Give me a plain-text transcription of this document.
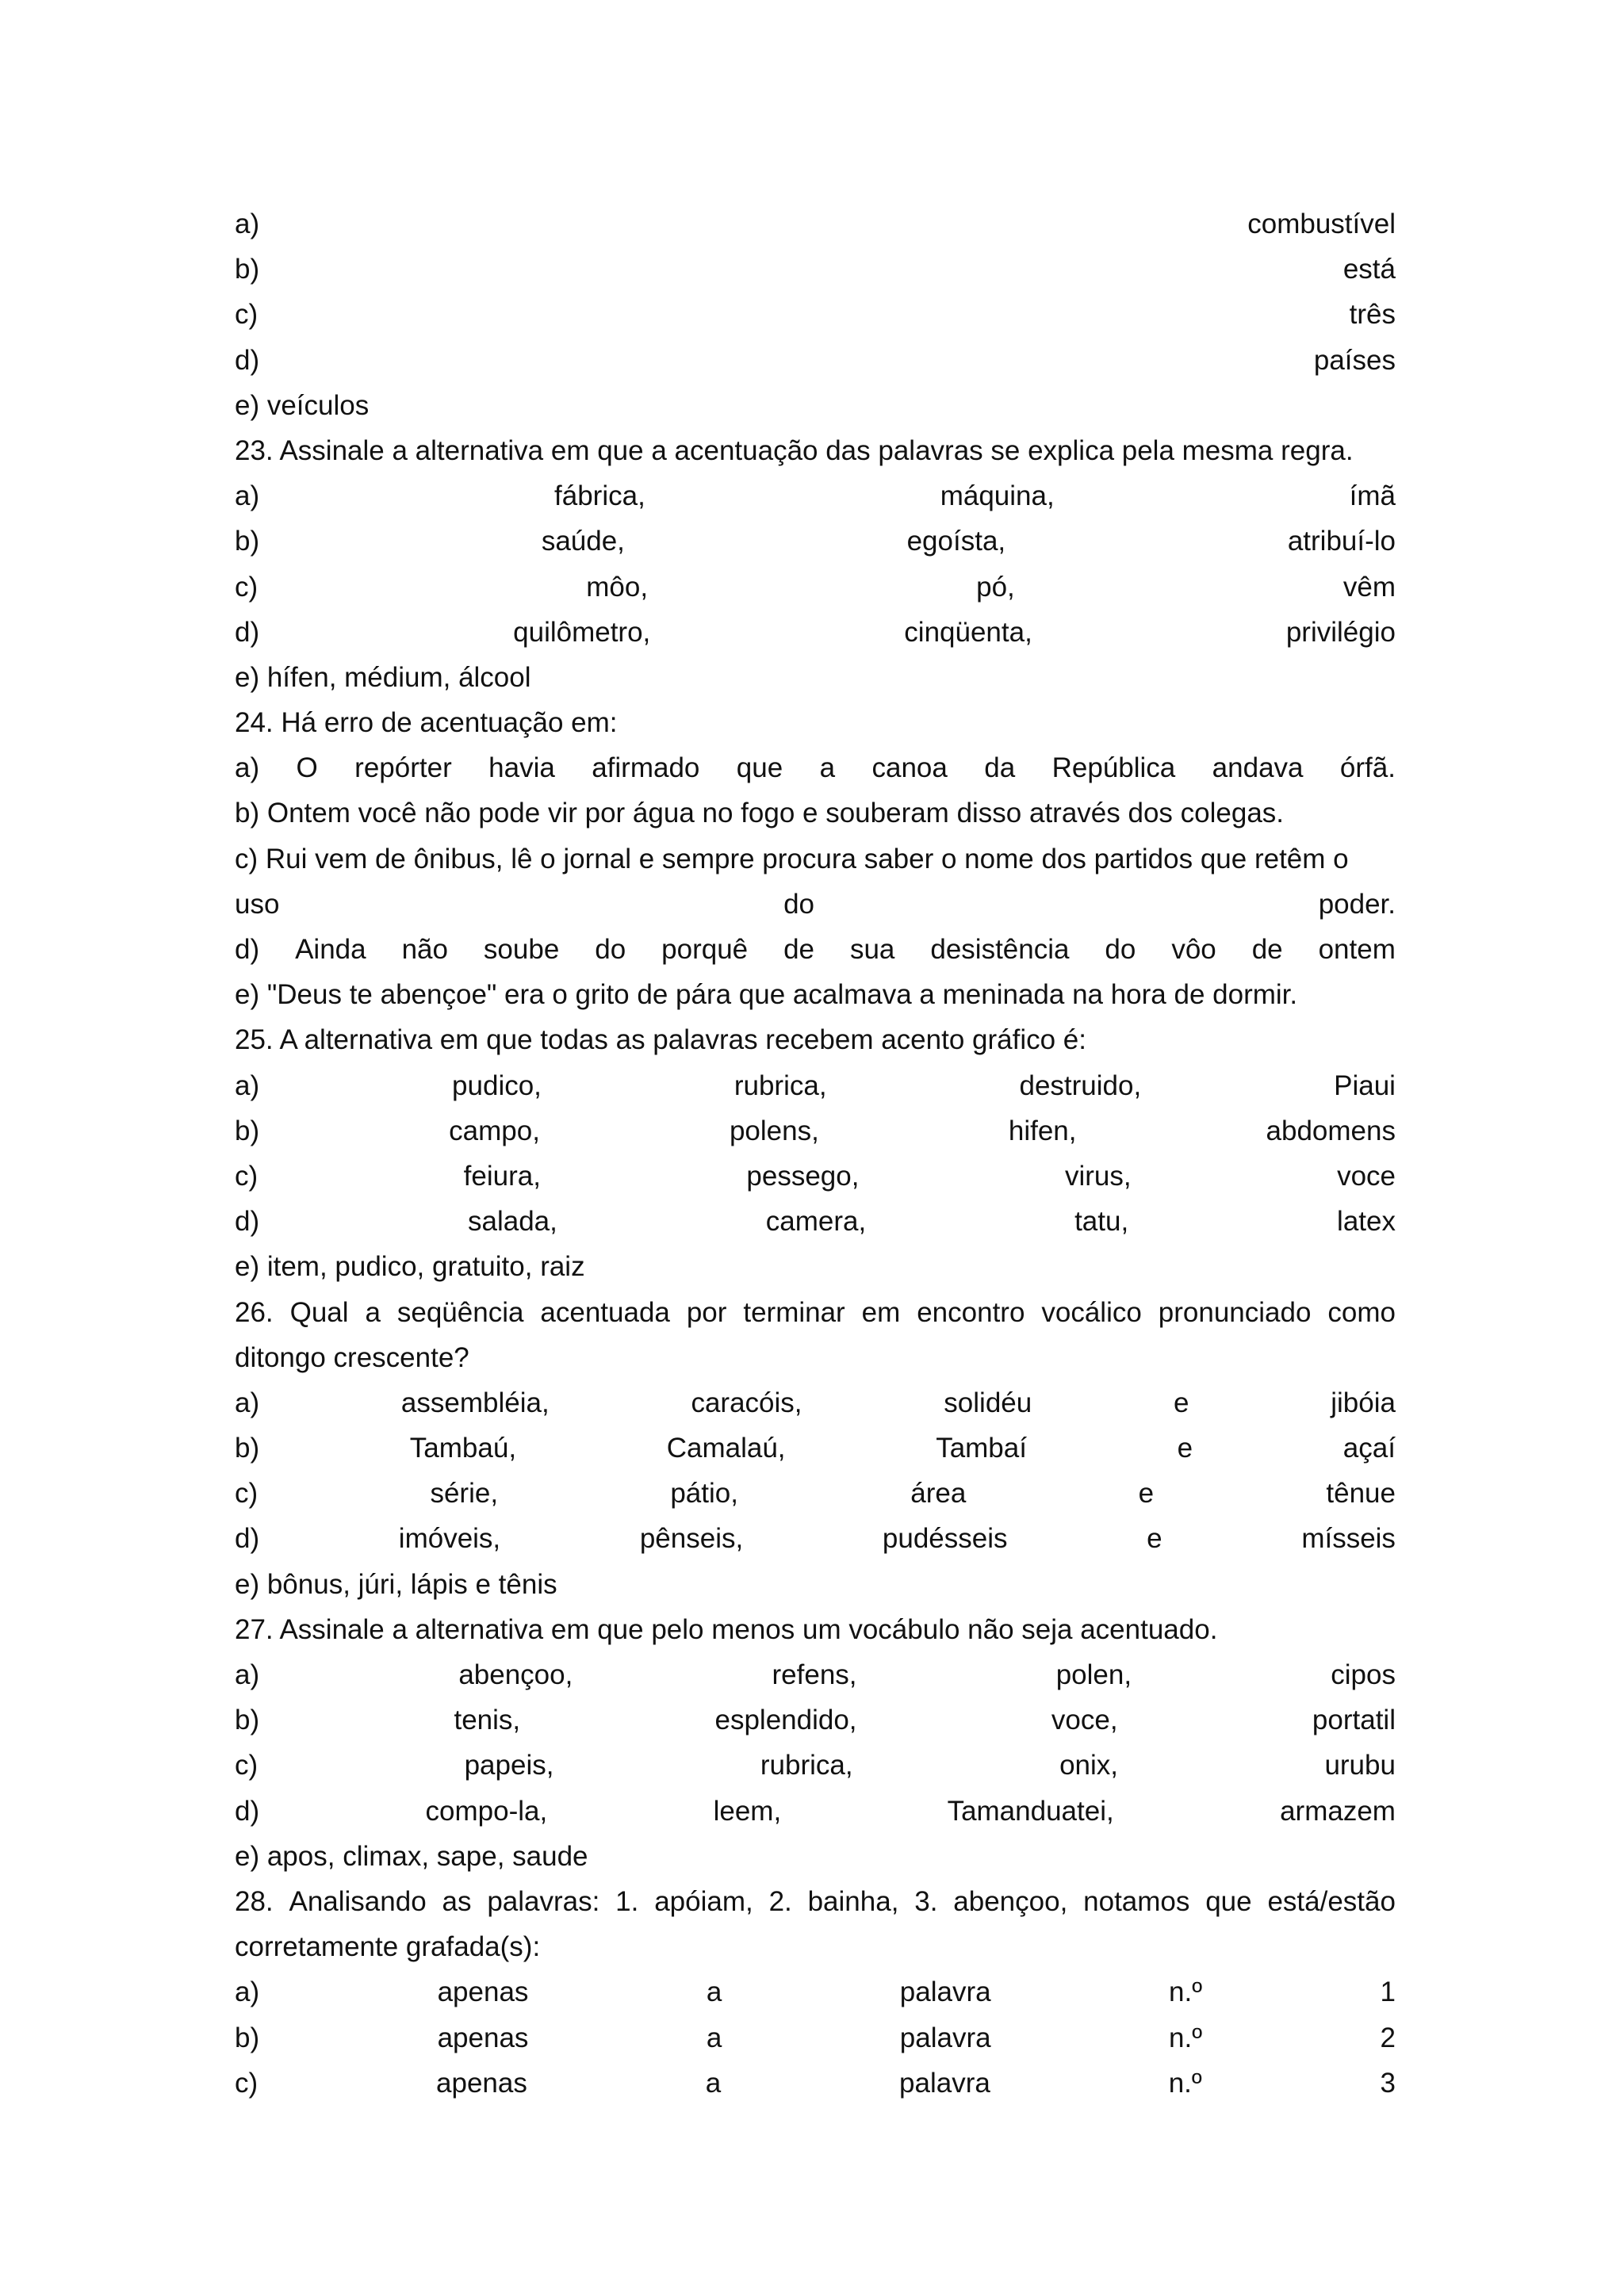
a)	combustível
b)	está
c)	três
d)	países
e) veículos
23. Assinale a alternativa em que a acentuação das palavras se explica pela mesma regra.
a)	fábrica,	máquina,	ímã
b)	saúde,	egoísta,	atribuí-lo
c)	môo,	pó,	vêm
d)	quilômetro,	cinqüenta,	privilégio
e) hífen, médium, álcool
24. Há erro de acentuação em:
a) O repórter havia afirmado que a canoa da República andava órfã.
b) Ontem você não pode vir por água no fogo e souberam disso através dos colegas.
c) Rui vem de ônibus, lê o jornal e sempre procura saber o nome dos partidos que retêm o
uso	do	poder.
d) Ainda não soube do porquê de sua desistência do vôo de ontem
e) "Deus te abençoe" era o grito de pára que acalmava a meninada na hora de dormir.
25. A alternativa em que todas as palavras recebem acento gráfico é:
a)	pudico,	rubrica,	destruido,	Piaui
b)	campo,	polens,	hifen,	abdomens
c)	feiura,	pessego,	virus,	voce
d)	salada,	camera,	tatu,	latex
e) item, pudico, gratuito, raiz
26. Qual a seqüência acentuada por terminar em encontro vocálico pronunciado como
ditongo crescente?
a)	assembléia,	caracóis,	solidéu	e	jibóia
b)	Tambaú,	Camalaú,	Tambaí	e	açaí
c)	série,	pátio,	área	e	tênue
d)	imóveis,	pênseis,	pudésseis	e	mísseis
e) bônus, júri, lápis e tênis
27. Assinale a alternativa em que pelo menos um vocábulo não seja acentuado.
a)	abençoo,	refens,	polen,	cipos
b)	tenis,	esplendido,	voce,	portatil
c)	papeis,	rubrica,	onix,	urubu
d)	compo-la,	leem,	Tamanduatei,	armazem
e) apos, climax, sape, saude
28. Analisando as palavras: 1. apóiam, 2. bainha, 3. abençoo, notamos que está/estão
corretamente grafada(s):
a)	apenas	a	palavra	n.º	1
b)	apenas	a	palavra	n.º	2
c)	apenas	a	palavra	n.º	3
